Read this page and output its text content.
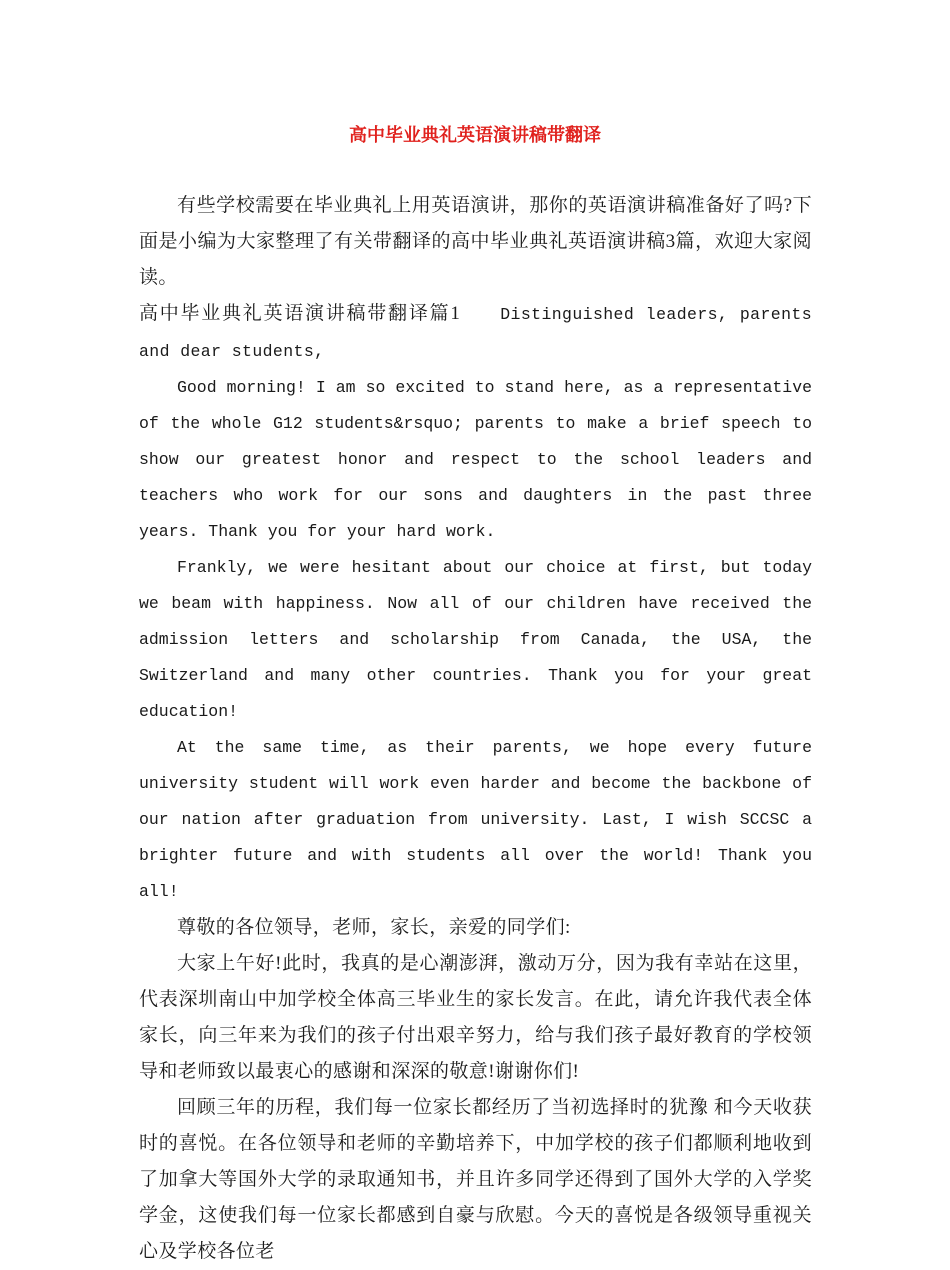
高中毕业典礼英语演讲稿带翻译

有些学校需要在毕业典礼上用英语演讲，那你的英语演讲稿准备好了吗?下面是小编为大家整理了有关带翻译的高中毕业典礼英语演讲稿3篇，欢迎大家阅读。

高中毕业典礼英语演讲稿带翻译篇1 Distinguished leaders, parents and dear students,

Good morning! I am so excited to stand here, as a representative of the whole G12 students&rsquo; parents to make a brief speech to show our greatest honor and respect to the school leaders and teachers who work for our sons and daughters in the past three years. Thank you for your hard work.

Frankly, we were hesitant about our choice at first, but today we beam with happiness. Now all of our children have received the admission letters and scholarship from Canada, the USA, the Switzerland and many other countries. Thank you for your great education!

At the same time, as their parents, we hope every future university student will work even harder and become the backbone of our nation after graduation from university. Last, I wish SCCSC a brighter future and with students all over the world! Thank you all!

尊敬的各位领导，老师，家长，亲爱的同学们:

大家上午好!此时，我真的是心潮澎湃，激动万分，因为我有幸站在这里，代表深圳南山中加学校全体高三毕业生的家长发言。在此，请允许我代表全体家长，向三年来为我们的孩子付出艰辛努力，给与我们孩子最好教育的学校领导和老师致以最衷心的感谢和深深的敬意!谢谢你们!

回顾三年的历程，我们每一位家长都经历了当初选择时的犹豫 和今天收获时的喜悦。在各位领导和老师的辛勤培养下，中加学校的孩子们都顺利地收到了加拿大等国外大学的录取通知书，并且许多同学还得到了国外大学的入学奖学金，这使我们每一位家长都感到自豪与欣慰。今天的喜悦是各级领导重视关心及学校各位老
